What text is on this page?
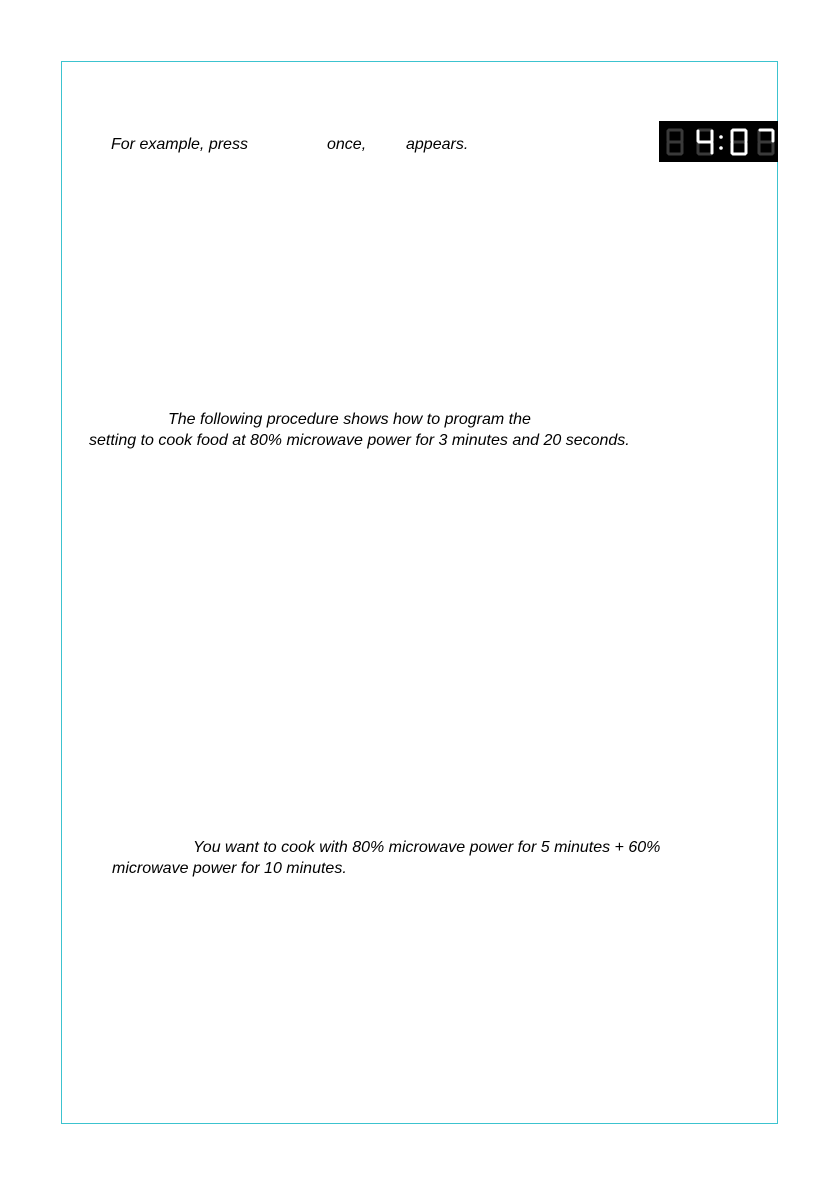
For example, press	once, appears.
The following procedure shows how to program the
setting to cook food at 80% microwave power for 3 minutes and 20 seconds.
You want to cook with 80% microwave power for 5 minutes + 60%
microwave power for 10 minutes.
